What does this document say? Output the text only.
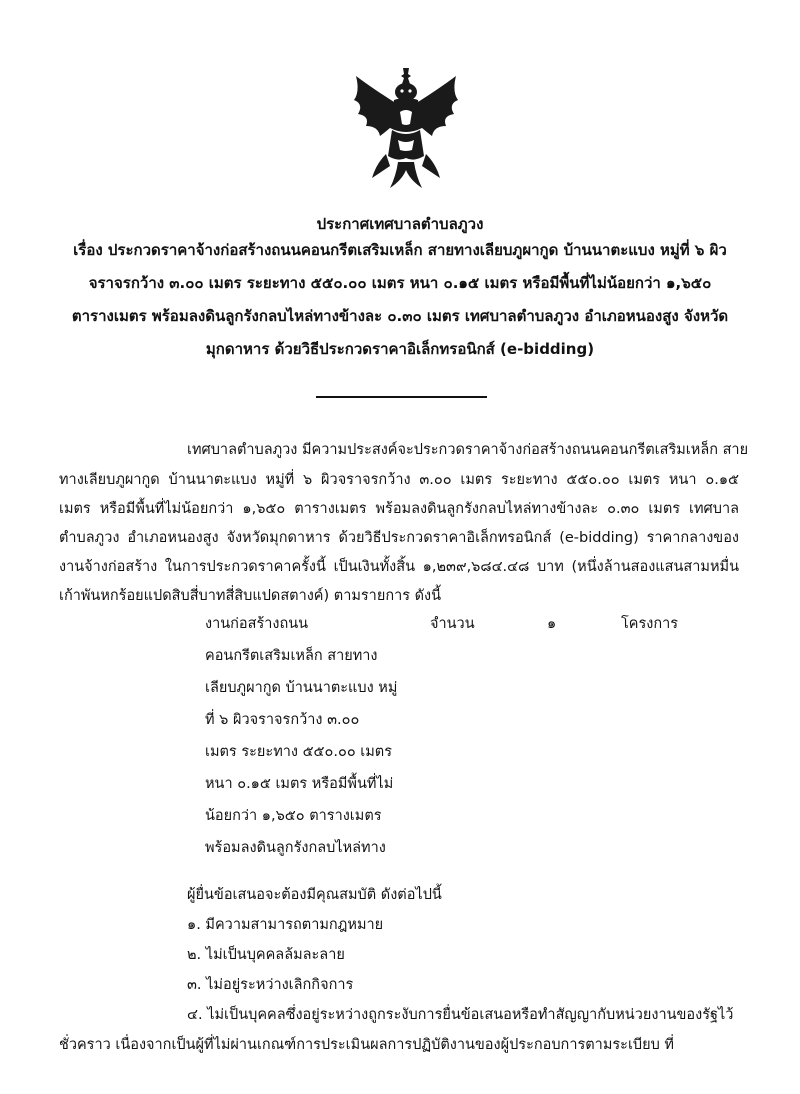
ประกาศเทศบาลตำบลภูวง
เรื่อง ประกวดราคาจ้างก่อสร้างถนนคอนกรีตเสริมเหล็ก สายทางเลียบภูผากูด บ้านนาตะแบง หมู่ที่ ๖ ผิว
จราจรกว้าง ๓.๐๐ เมตร ระยะทาง ๕๕๐.๐๐ เมตร หนา ๐.๑๕ เมตร หรือมีพื้นที่ไม่น้อยกว่า ๑,๖๕๐
ตารางเมตร พร้อมลงดินลูกรังกลบไหล่ทางข้างละ ๐.๓๐ เมตร เทศบาลตำบลภูวง อำเภอหนองสูง จังหวัด
มุกดาหาร ด้วยวิธีประกวดราคาอิเล็กทรอนิกส์ (e-bidding)
เทศบาลตำบลภูวง มีความประสงค์จะประกวดราคาจ้างก่อสร้างถนนคอนกรีตเสริมเหล็ก สาย
ทางเลียบภูผากูด บ้านนาตะแบง หมู่ที่ ๖ ผิวจราจรกว้าง ๓.๐๐ เมตร ระยะทาง ๕๕๐.๐๐ เมตร หนา ๐.๑๕
เมตร หรือมีพื้นที่ไม่น้อยกว่า ๑,๖๕๐ ตารางเมตร พร้อมลงดินลูกรังกลบไหล่ทางข้างละ ๐.๓๐ เมตร เทศบาล
ตำบลภูวง อำเภอหนองสูง จังหวัดมุกดาหาร ด้วยวิธีประกวดราคาอิเล็กทรอนิกส์ (e-bidding) ราคากลางของ
งานจ้างก่อสร้าง ในการประกวดราคาครั้งนี้ เป็นเงินทั้งสิ้น ๑,๒๓๙,๖๘๔.๔๘ บาท (หนึ่งล้านสองแสนสามหมื่น
เก้าพันหกร้อยแปดสิบสี่บาทสี่สิบแปดสตางค์) ตามรายการ ดังนี้
งานก่อสร้างถนน
คอนกรีตเสริมเหล็ก สายทาง
เลียบภูผากูด บ้านนาตะแบง หมู่
ที่ ๖ ผิวจราจรกว้าง ๓.๐๐
เมตร ระยะทาง ๕๕๐.๐๐ เมตร
หนา ๐.๑๕ เมตร หรือมีพื้นที่ไม่
น้อยกว่า ๑,๖๕๐ ตารางเมตร
พร้อมลงดินลูกรังกลบไหล่ทาง
จำนวน	๑	โครงการ
ผู้ยื่นข้อเสนอจะต้องมีคุณสมบัติ ดังต่อไปนี้
๑. มีความสามารถตามกฎหมาย
๒. ไม่เป็นบุคคลล้มละลาย
๓. ไม่อยู่ระหว่างเลิกกิจการ
๔. ไม่เป็นบุคคลซึ่งอยู่ระหว่างถูกระงับการยื่นข้อเสนอหรือทำสัญญากับหน่วยงานของรัฐไว้
ชั่วคราว เนื่องจากเป็นผู้ที่ไม่ผ่านเกณฑ์การประเมินผลการปฏิบัติงานของผู้ประกอบการตามระเบียบ ที่
